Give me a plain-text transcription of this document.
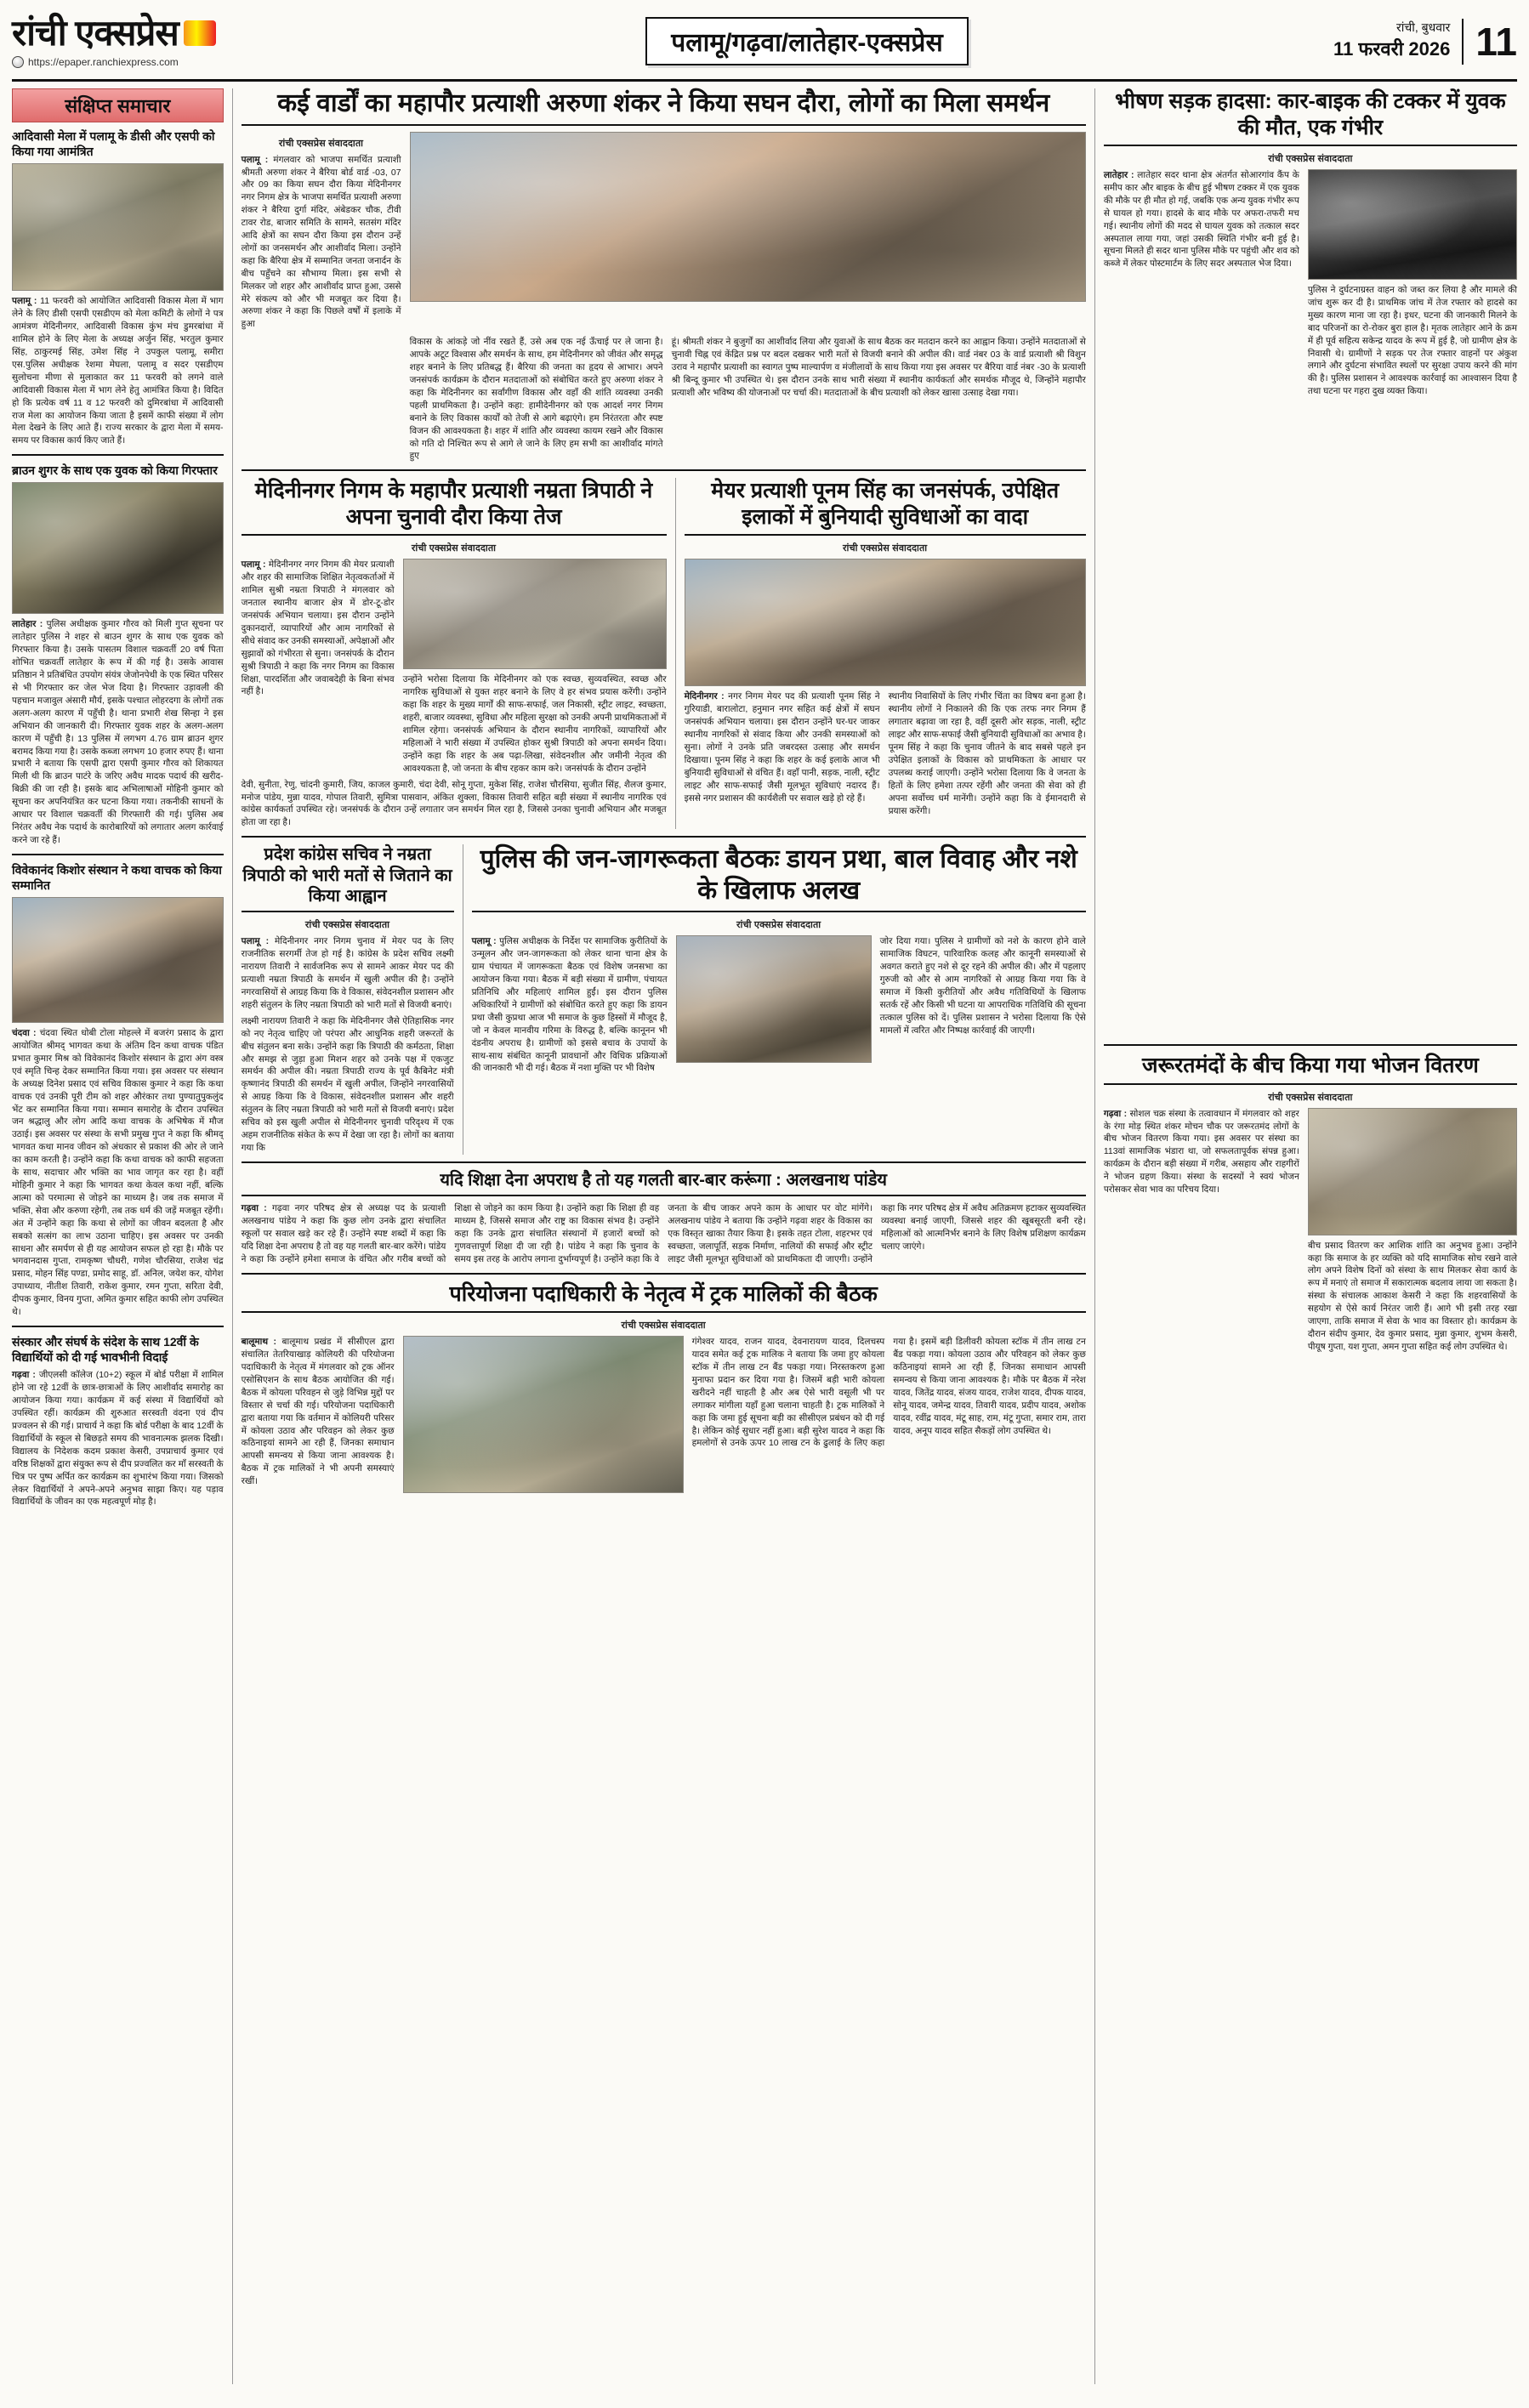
रांची एक्सप्रेस
https://epaper.ranchiexpress.com
पलामू/गढ़वा/लातेहार-एक्सप्रेस
रांची, बुधवार
11 फरवरी 2026 11
संक्षिप्त समाचार
आदिवासी मेला में पलामू के डीसी और एसपी को किया गया आमंत्रित
पलामू : 11 फरवरी को आयोजित आदिवासी विकास मेला में भाग लेने के लिए डीसी एसपी एसडीएम को मेला कमिटी के लोगों ने पत्र आमंत्रण मेदिनीनगर, आदिवासी विकास कुंभ मंच डुमरबांधा में शामिल होने के लिए मेला के अध्यक्ष अर्जुन सिंह, भरतुल कुमार सिंह, ठाकुरमई सिंह, उमेश सिंह ने उपकुल पलामू, समीरा एस.पुलिस अधीक्षक रेशमा मेघला, पलामू व सदर एसडीएम सुलोचना मीणा से मुलाकात कर 11 फरवरी को लगने वाले आदिवासी विकास मेला में भाग लेने हेतु आमंत्रित किया है। विदित हो कि प्रत्येक वर्ष 11 व 12 फरवरी को दुमिरबांधा में आदिवासी राज मेला का आयोजन किया जाता है इसमें काफी संख्या में लोग मेला देखने के लिए आते हैं। राज्य सरकार के द्वारा मेला में समय-समय पर विकास कार्य किए जाते हैं।
ब्राउन शुगर के साथ एक युवक को किया गिरफ्तार
लातेहार : पुलिस अधीक्षक कुमार गौरव को मिली गुप्त सूचना पर लातेहार पुलिस ने शहर से बाउन शुगर के साथ एक युवक को गिरफ्तार किया है। उसके पासतम विशाल चक्रवर्ती 20 वर्ष पिता शोभित चक्रवर्ती लातेहार के रूप में की गई है। उसके आवास प्रतिष्ठान ने प्रतिबंधित उपयोग संयंत्र जेजोनपेथी के एक स्थित परिसर से भी गिरफ्तार कर जेल भेज दिया है। गिरफ्तार उड़ावली की पहचान मजावुल अंसारी मौर्य, इसके पश्चात लोहरदगा के लोगों तक अलग-अलग कारण में पहुँची है। थाना प्रभारी शेख सिन्हा ने इस अभियान की जानकारी दी। गिरफ्तार युवक शहर के अलग-अलग कारण में पहुँची है। 13 पुलिस में लगभग 4.76 ग्राम ब्राउन शुगर बरामद किया गया है। उसके कब्जा लगभग 10 हजार रुपए हैं। थाना प्रभारी ने बताया कि एसपी द्वारा एसपी कुमार गौरव को शिकायत मिली थी कि ब्राउन पाटंरे के जरिए अवैध मादक पदार्थ की खरीद-बिक्री की जा रही है। इसके बाद अभिलाषाओं मोहिनी कुमार को सूचना कर अपनियंत्रित कर घटना किया गया। तकनीकी साधनों के आधार पर विशाल चक्रवर्ती की गिरफ्तारी की गई। पुलिस अब निरंतर अवैध नेक पदार्थ के कारोबारियों को लगातार अलग कार्रवाई करने जा रहे हैं।
विवेकानंद किशोर संस्थान ने कथा वाचक को किया सम्मानित
चंदवा : चंदवा स्थित धोबी टोला मोहल्ले में बजरंग प्रसाद के द्वारा आयोजित श्रीमद् भागवत कथा के अंतिम दिन कथा वाचक पंडित प्रभात कुमार मिश्र को विवेकानंद किशोर संस्थान के द्वारा अंग वस्त्र एवं स्मृति चिन्ह देकर सम्मानित किया गया। इस अवसर पर संस्थान के अध्यक्ष दिनेश प्रसाद एवं सचिव विकास कुमार ने कहा कि कथा वाचक एवं उनकी पूरी टीम को शहर औरंकार तथा पुण्यातुपुकलुंद भेंट कर सम्मानित किया गया। सम्मान समारोह के दौरान उपस्थित जन श्रद्धालु और लोग आदि कथा वाचक के अभिषेक में मौज उठाई। इस अवसर पर संस्था के सभी प्रमुख गुप्त ने कहा कि श्रीमद् भागवत कथा मानव जीवन को अंधकार से प्रकाश की ओर ले जाने का काम करती है। उन्होंने कहा कि कथा वाचक को काफी सहजता के साथ, सदाचार और भक्ति का भाव जागृत कर रहा है। वहीं मोहिनी कुमार ने कहा कि भागवत कथा केवल कथा नहीं, बल्कि आत्मा को परमात्मा से जोड़ने का माध्यम है। जब तक समाज में भक्ति, सेवा और करुणा रहेगी, तब तक धर्म की जड़ें मजबूत रहेंगी। अंत में उन्होंने कहा कि कथा से लोगों का जीवन बदलता है और सबको सत्संग का लाभ उठाना चाहिए। इस अवसर पर उनकी साधना और समर्पण से ही यह आयोजन सफल हो रहा है। मौके पर भगवानदास गुप्ता, रामकृष्ण चौधरी, गणेश चौरसिया, राजेश चंद्र प्रसाद, मोहन सिंह पण्डा, प्रमोद साहू, डॉ. अनिल, जयेश कर, योगेश उपाध्याय, नीतीश तिवारी, राकेश कुमार, रमन गुप्ता, सरिता देवी, दीपक कुमार, विनय गुप्ता, अमित कुमार सहित काफी लोग उपस्थित थे।
संस्कार और संघर्ष के संदेश के साथ 12वीं के विद्यार्थियों को दी गई भावभीनी विदाई
गढ़वा : जीएलसी कॉलेज (10+2) स्कूल में बोर्ड परीक्षा में शामिल होने जा रहे 12वीं के छात्र-छात्राओं के लिए आशीर्वाद समारोह का आयोजन किया गया। कार्यक्रम में कई संस्था में विद्यार्थियों को उपस्थित रहीं। कार्यक्रम की शुरुआत सरस्वती वंदना एवं दीप प्रज्वलन से की गई। प्राचार्य ने कहा कि बोर्ड परीक्षा के बाद 12वीं के विद्यार्थियों के स्कूल से बिछड़ते समय की भावनात्मक झलक दिखी। विद्यालय के निदेशक कदम प्रकाश केसरी, उपप्राचार्य कुमार एवं वरिष्ठ शिक्षकों द्वारा संयुक्त रूप से दीप प्रज्वलित कर माँ सरस्वती के चित्र पर पुष्प अर्पित कर कार्यक्रम का शुभारंभ किया गया। जिसको लेकर विद्यार्थियों ने अपने-अपने अनुभव साझा किए। यह पड़ाव विद्यार्थियों के जीवन का एक महत्वपूर्ण मोड़ है।
कई वार्डों का महापौर प्रत्याशी अरुणा शंकर ने किया सघन दौरा, लोगों का मिला समर्थन
रांची एक्सप्रेस संवाददाता
पलामू : मंगलवार को भाजपा समर्थित प्रत्याशी श्रीमती अरुणा शंकर ने बैरिया बोर्ड वार्ड -03, 07 और 09 का किया सघन दौरा किया मेदिनीनगर नगर निगम क्षेत्र के भाजपा समर्थित प्रत्याशी अरुणा शंकर ने बैरिया दुर्गा मंदिर, अंबेडकर चौक, टीवी टावर रोड, बाजार समिति के सामने, सतसंग मंदिर आदि क्षेत्रों का सघन दौरा किया इस दौरान उन्हें लोगों का जनसमर्थन और आशीर्वाद मिला। उन्होंने कहा कि बैरिया क्षेत्र में सम्मानित जनता जनार्दन के बीच पहुँचने का सौभाग्य मिला। इस सभी से मिलकर जो शहर और आशीर्वाद प्राप्त हुआ, उससे मेरे संकल्प को और भी मजबूत कर दिया है। अरुणा शंकर ने कहा कि पिछले वर्षों में इलाके में हुआ
विकास के आंकड़े जो नींव रखते हैं, उसे अब एक नई ऊँचाई पर ले जाना है। आपके अटूट विश्वास और समर्थन के साथ, हम मेदिनीनगर को जीवंत और समृद्ध शहर बनाने के लिए प्रतिबद्ध हैं। बैरिया की जनता का हृदय से आभार। अपने जनसंपर्क कार्यक्रम के दौरान मतदाताओं को संबोधित करते हुए अरुणा शंकर ने कहा कि मेदिनीनगर का सर्वांगीण विकास और वहाँ की शांति व्यवस्था उनकी पहली प्राथमिकता है। उन्होंने कहा: हामीदेनीनगर को एक आदर्श नगर निगम बनाने के लिए विकास कार्यों को तेजी से आगे बढ़ाएंगे। हम निरंतरता और स्पष्ट विजन की आवश्यकता है। शहर में शांति और व्यवस्था कायम रखने और विकास को गति दो निश्चित रूप से आगे ले जाने के लिए हम सभी का आशीर्वाद मांगते हुए
हूं। श्रीमती शंकर ने बुजुर्गों का आशीर्वाद लिया और युवाओं के साथ बैठक कर मतदान करने का आह्वान किया। उन्होंने मतदाताओं से चुनावी चिह्न एवं केंद्रित प्रश्न पर बदल दखकर भारी मतों से विजयी बनाने की अपील की। वार्ड नंबर 03 के वार्ड प्रत्याशी श्री विशुन उराव ने महापौर प्रत्याशी का स्वागत पुष्प माल्यार्पण व मंजीलावों के साथ किया गया इस अवसर पर बैरिया वार्ड नंबर -30 के प्रत्याशी श्री बिन्दू कुमार भी उपस्थित थे। इस दौरान उनके साथ भारी संख्या में स्थानीय कार्यकर्ता और समर्थक मौजूद थे, जिन्होंने महापौर प्रत्याशी और भविष्य की योजनाओं पर चर्चा की। मतदाताओं के बीच प्रत्याशी को लेकर खासा उत्साह देखा गया।
मेदिनीनगर निगम के महापौर प्रत्याशी नम्रता त्रिपाठी ने अपना चुनावी दौरा किया तेज
रांची एक्सप्रेस संवाददाता
पलामू : मेदिनीनगर नगर निगम की मेयर प्रत्याशी और शहर की सामाजिक शिक्षित नेतृत्वकर्ताओं में शामिल सुश्री नम्रता त्रिपाठी ने मंगलवार को जनताल स्थानीय बाजार क्षेत्र में डोर-टू-डोर जनसंपर्क अभियान चलाया। इस दौरान उन्होंने दुकानदारों, व्यापारियों और आम नागरिकों से सीधे संवाद कर उनकी समस्याओं, अपेक्षाओं और सुझावों को गंभीरता से सुना। जनसंपर्क के दौरान सुश्री त्रिपाठी ने कहा कि नगर निगम का विकास शिक्षा, पारदर्शिता और जवाबदेही के बिना संभव नहीं है।
उन्होंने भरोसा दिलाया कि मेदिनीनगर को एक स्वच्छ, सुव्यवस्थित, स्वच्छ और नागरिक सुविधाओं से युक्त शहर बनाने के लिए वे हर संभव प्रयास करेंगी। उन्होंने कहा कि शहर के मुख्य मार्गों की साफ-सफाई, जल निकासी, स्ट्रीट लाइट, स्वच्छता, शहरी, बाजार व्यवस्था, सुविधा और महिला सुरक्षा को उनकी अपनी प्राथमिकताओं में शामिल रहेगा। जनसंपर्क अभियान के दौरान स्थानीय नागरिकों, व्यापारियों और महिलाओं ने भारी संख्या में उपस्थित होकर सुश्री त्रिपाठी को अपना समर्थन दिया। उन्होंने कहा कि शहर के अब पढ़ा-लिखा, संवेदनशील और जमीनी नेतृत्व की आवश्यकता है, जो जनता के बीच रहकर काम करे। जनसंपर्क के दौरान उन्होंने
देवी, सुनीता, रेणु, चांदनी कुमारी, जिय, काजल कुमारी, चंदा देवी, सोनू गुप्ता, मुकेश सिंह, राजेश चौरसिया, सुजीत सिंह, शैलज कुमार, मनोज पांडेय, मुन्ना यादव, गोपाल तिवारी, सुमित्रा पासवान, अंकित शुक्ला, विकास तिवारी सहित बड़ी संख्या में स्थानीय नागरिक एवं कांग्रेस कार्यकर्ता उपस्थित रहे। जनसंपर्क के दौरान उन्हें लगातार जन समर्थन मिल रहा है, जिससे उनका चुनावी अभियान और मजबूत होता जा रहा है।
मेयर प्रत्याशी पूनम सिंह का जनसंपर्क, उपेक्षित इलाकों में बुनियादी सुविधाओं का वादा
रांची एक्सप्रेस संवाददाता
मेदिनीनगर : नगर निगम मेयर पद की प्रत्याशी पूनम सिंह ने गुरियाडी, बारालोटा, हनुमान नगर सहित कई क्षेत्रों में सघन जनसंपर्क अभियान चलाया। इस दौरान उन्होंने घर-घर जाकर स्थानीय नागरिकों से संवाद किया और उनकी समस्याओं को सुना। लोगों ने उनके प्रति जबरदस्त उत्साह और समर्थन दिखाया। पूनम सिंह ने कहा कि शहर के कई इलाके आज भी बुनियादी सुविधाओं से वंचित हैं। वहाँ पानी, सड़क, नाली, स्ट्रीट लाइट और साफ-सफाई जैसी मूलभूत सुविधाएं नदारद हैं। इससे नगर प्रशासन की कार्यशैली पर सवाल खड़े हो रहे हैं।
स्थानीय निवासियों के लिए गंभीर चिंता का विषय बना हुआ है। स्थानीय लोगों ने निकालने की कि एक तरफ नगर निगम हैं लगातार बढ़ावा जा रहा है, वहीं दूसरी ओर सड़क, नाली, स्ट्रीट लाइट और साफ-सफाई जैसी बुनियादी सुविधाओं का अभाव है। पूनम सिंह ने कहा कि चुनाव जीतने के बाद सबसे पहले इन उपेक्षित इलाकों के विकास को प्राथमिकता के आधार पर उपलब्ध कराई जाएगी। उन्होंने भरोसा दिलाया कि वे जनता के हितों के लिए हमेशा तत्पर रहेंगी और जनता की सेवा को ही अपना सर्वोच्च धर्म मानेंगी। उन्होंने कहा कि वे ईमानदारी से प्रयास करेंगी।
प्रदेश कांग्रेस सचिव ने नम्रता त्रिपाठी को भारी मतों से जिताने का किया आह्वान
रांची एक्सप्रेस संवाददाता
पलामू : मेदिनीनगर नगर निगम चुनाव में मेयर पद के लिए राजनीतिक सरगर्मी तेज हो गई है। कांग्रेस के प्रदेश सचिव लक्ष्मी नारायण तिवारी ने सार्वजनिक रूप से सामने आकर मेयर पद की प्रत्याशी नम्रता त्रिपाठी के समर्थन में खुली अपील की है। उन्होंने नगरवासियों से आग्रह किया कि वे विकास, संवेदनशील प्रशासन और शहरी संतुलन के लिए नम्रता त्रिपाठी को भारी मतों से विजयी बनाएं।
लक्ष्मी नारायण तिवारी ने कहा कि मेदिनीनगर जैसे ऐतिहासिक नगर को नए नेतृत्व चाहिए जो परंपरा और आधुनिक शहरी जरूरतों के बीच संतुलन बना सके। उन्होंने कहा कि त्रिपाठी की कर्मठता, शिक्षा और समझ से जुड़ा हुआ मिशन शहर को उनके पक्ष में एकजुट समर्थन की अपील की। नम्रता त्रिपाठी राज्य के पूर्व कैबिनेट मंत्री कृष्णानंद त्रिपाठी की समर्थन में खुली अपील, जिन्होंने नगरवासियों से आग्रह किया कि वे विकास, संवेदनशील प्रशासन और शहरी संतुलन के लिए नम्रता त्रिपाठी को भारी मतों से विजयी बनाएं। प्रदेश सचिव को इस खुली अपील से मेदिनीनगर चुनावी परिदृश्य में एक अहम राजनीतिक संकेत के रूप में देखा जा रहा है। लोगों का बताया गया कि
पुलिस की जन-जागरूकता बैठकः डायन प्रथा, बाल विवाह और नशे के खिलाफ अलख
रांची एक्सप्रेस संवाददाता
पलामू : पुलिस अधीक्षक के निर्देश पर सामाजिक कुरीतियों के उन्मूलन और जन-जागरूकता को लेकर थाना चाना क्षेत्र के ग्राम पंचायत में जागरूकता बैठक एवं विशेष जनसभा का आयोजन किया गया। बैठक में बड़ी संख्या में ग्रामीण, पंचायत प्रतिनिधि और महिलाएं शामिल हुईं। इस दौरान पुलिस अधिकारियों ने ग्रामीणों को संबोधित करते हुए कहा कि डायन प्रथा जैसी कुप्रथा आज भी समाज के कुछ हिस्सों में मौजूद है, जो न केवल मानवीय गरिमा के विरुद्ध है, बल्कि कानूनन भी दंडनीय अपराध है। ग्रामीणों को इससे बचाव के उपायों के साथ-साथ संबंधित कानूनी प्रावधानों और विधिक प्रक्रियाओं की जानकारी भी दी गई। बैठक में नशा मुक्ति पर भी विशेष
जोर दिया गया। पुलिस ने ग्रामीणों को नशे के कारण होने वाले सामाजिक विघटन, पारिवारिक कलह और कानूनी समस्याओं से अवगत कराते हुए नशे से दूर रहने की अपील की। और में पहलाए गुरुजी को और से आम नागरिकों से आग्रह किया गया कि वे समाज में किसी कुरीतियों और अवैध गतिविधियों के खिलाफ सतर्क रहें और किसी भी घटना या आपराधिक गतिविधि की सूचना तत्काल पुलिस को दें। पुलिस प्रशासन ने भरोसा दिलाया कि ऐसे मामलों में त्वरित और निष्पक्ष कार्रवाई की जाएगी।
यदि शिक्षा देना अपराध है तो यह गलती बार-बार करूंगा : अलखनाथ पांडेय
गढ़वा : गढ़वा नगर परिषद क्षेत्र से अध्यक्ष पद के प्रत्याशी अलखनाथ पांडेय ने कहा कि कुछ लोग उनके द्वारा संचालित स्कूलों पर सवाल खड़े कर रहे हैं। उन्होंने स्पष्ट शब्दों में कहा कि यदि शिक्षा देना अपराध है तो वह यह गलती बार-बार करेंगे। पांडेय ने कहा कि उन्होंने हमेशा समाज के वंचित और गरीब बच्चों को शिक्षा से जोड़ने का काम किया है। उन्होंने कहा कि शिक्षा ही वह माध्यम है, जिससे समाज और राष्ट्र का विकास संभव है। उन्होंने कहा कि उनके द्वारा संचालित संस्थानों में हजारों बच्चों को गुणवत्तापूर्ण शिक्षा दी जा रही है। पांडेय ने कहा कि चुनाव के समय इस तरह के आरोप लगाना दुर्भाग्यपूर्ण है। उन्होंने कहा कि वे जनता के बीच जाकर अपने काम के आधार पर वोट मांगेंगे। अलखनाथ पांडेय ने बताया कि उन्होंने गढ़वा शहर के विकास का एक विस्तृत खाका तैयार किया है। इसके तहत टोला, शहरभर एवं स्वच्छता, जलापूर्ति, सड़क निर्माण, नालियों की सफाई और स्ट्रीट लाइट जैसी मूलभूत सुविधाओं को प्राथमिकता दी जाएगी। उन्होंने कहा कि नगर परिषद क्षेत्र में अवैध अतिक्रमण हटाकर सुव्यवस्थित व्यवस्था बनाई जाएगी, जिससे शहर की खूबसूरती बनी रहे। महिलाओं को आत्मनिर्भर बनाने के लिए विशेष प्रशिक्षण कार्यक्रम चलाए जाएंगे।
परियोजना पदाधिकारी के नेतृत्व में ट्रक मालिकों की बैठक
रांची एक्सप्रेस संवाददाता
बालूमाथ : बालूमाथ प्रखंड में सीसीएल द्वारा संचालित तेतरियाखाड़ कोलियरी की परियोजना पदाधिकारी के नेतृत्व में मंगलवार को ट्रक ऑनर एसोसिएशन के साथ बैठक आयोजित की गई। बैठक में कोयला परिवहन से जुड़े विभिन्न मुद्दों पर विस्तार से चर्चा की गई। परियोजना पदाधिकारी द्वारा बताया गया कि वर्तमान में कोलियरी परिसर में कोयला उठाव और परिवहन को लेकर कुछ कठिनाइयां सामने आ रही हैं, जिनका समाधान आपसी समन्वय से किया जाना आवश्यक है। बैठक में ट्रक मालिकों ने भी अपनी समस्याएं रखीं।
गंगेश्वर यादव, राजन यादव, देवनारायण यादव, दिलचस्प यादव समेत कई ट्रक मालिक ने बताया कि जमा हुए कोयला स्टॉक में तीन लाख टन बैंड पकड़ा गया। निरस्तकरण हुआ मुनाफा प्रदान कर दिया गया है। जिसमें बड़ी भारी कोयला खरीदने नहीं चाहती है और अब ऐसे भारी वसूली भी पर लगाकर मांगीला यहाँ हुआ चलाना चाहती है। ट्रक मालिकों ने कहा कि जमा हुई सूचना बड़ी का सीसीएल प्रबंधन को दी गई है। लेकिन कोई सुधार नहीं हुआ। बड़ी सुरेश यादव ने कहा कि हमलोगों से उनके ऊपर 10 लाख टन के ढुलाई के लिए कहा गया है। इसमें बड़ी डिलीवरी कोयला स्टॉक में तीन लाख टन बैंड पकड़ा गया। कोयला उठाव और परिवहन को लेकर कुछ कठिनाइयां सामने आ रही हैं, जिनका समाधान आपसी समन्वय से किया जाना आवश्यक है। मौके पर बैठक में नरेश यादव, जितेंद्र यादव, संजय यादव, राजेश यादव, दीपक यादव, सोनू यादव, जमेन्द्र यादव, तिवारी यादव, प्रदीप यादव, अशोक यादव, रवींद्र यादव, मंटू साह, राम, मंटू गुप्ता, समार राम, तारा यादव, अनूप यादव सहित सैकड़ों लोग उपस्थित थे।
भीषण सड़क हादसा: कार-बाइक की टक्कर में युवक की मौत, एक गंभीर
रांची एक्सप्रेस संवाददाता
लातेहार : लातेहार सदर थाना क्षेत्र अंतर्गत सोआरगांव कैंप के समीप कार और बाइक के बीच हुई भीषण टक्कर में एक युवक की मौके पर ही मौत हो गई, जबकि एक अन्य युवक गंभीर रूप से घायल हो गया। हादसे के बाद मौके पर अफरा-तफरी मच गई। स्थानीय लोगों की मदद से घायल युवक को तत्काल सदर अस्पताल लाया गया, जहां उसकी स्थिति गंभीर बनी हुई है। सूचना मिलते ही सदर थाना पुलिस मौके पर पहुंची और शव को कब्जे में लेकर पोस्टमार्टम के लिए सदर अस्पताल भेज दिया।
पुलिस ने दुर्घटनाग्रस्त वाहन को जब्त कर लिया है और मामले की जांच शुरू कर दी है। प्राथमिक जांच में तेज रफ्तार को हादसे का मुख्य कारण माना जा रहा है। इधर, घटना की जानकारी मिलने के बाद परिजनों का रो-रोकर बुरा हाल है। मृतक लातेहार आने के क्रम में ही पूर्व सहित्य सकेन्द्र यादव के रूप में हुई है, जो ग्रामीण क्षेत्र के निवासी थे। ग्रामीणों ने सड़क पर तेज रफ्तार वाहनों पर अंकुश लगाने और दुर्घटना संभावित स्थलों पर सुरक्षा उपाय करने की मांग की है। पुलिस प्रशासन ने आवश्यक कार्रवाई का आश्वासन दिया है तथा घटना पर गहरा दुख व्यक्त किया।
जरूरतमंदों के बीच किया गया भोजन वितरण
रांची एक्सप्रेस संवाददाता
गढ़वा : सोशल चक्र संस्था के तत्वावधान में मंगलवार को शहर के रंगा मोड़ स्थित शंकर मोचन चौक पर जरूरतमंद लोगों के बीच भोजन वितरण किया गया। इस अवसर पर संस्था का 113वां सामाजिक भंडारा था, जो सफलतापूर्वक संपन्न हुआ। कार्यक्रम के दौरान बड़ी संख्या में गरीब, असहाय और राहगीरों ने भोजन ग्रहण किया। संस्था के सदस्यों ने स्वयं भोजन परोसकर सेवा भाव का परिचय दिया।
बीच प्रसाद वितरण कर आशिक शांति का अनुभव हुआ। उन्होंने कहा कि समाज के हर व्यक्ति को यदि सामाजिक सोच रखने वाले लोग अपने विशेष दिनों को संस्था के साथ मिलकर सेवा कार्य के रूप में मनाएं तो समाज में सकारात्मक बदलाव लाया जा सकता है। संस्था के संचालक आकाश केसरी ने कहा कि शहरवासियों के सहयोग से ऐसे कार्य निरंतर जारी हैं। आगे भी इसी तरह रखा जाएगा, ताकि समाज में सेवा के भाव का विस्तार हो। कार्यक्रम के दौरान संदीप कुमार, देव कुमार प्रसाद, मुन्ना कुमार, शुभम केसरी, पीयूष गुप्ता, यश गुप्ता, अमन गुप्ता सहित कई लोग उपस्थित थे।
